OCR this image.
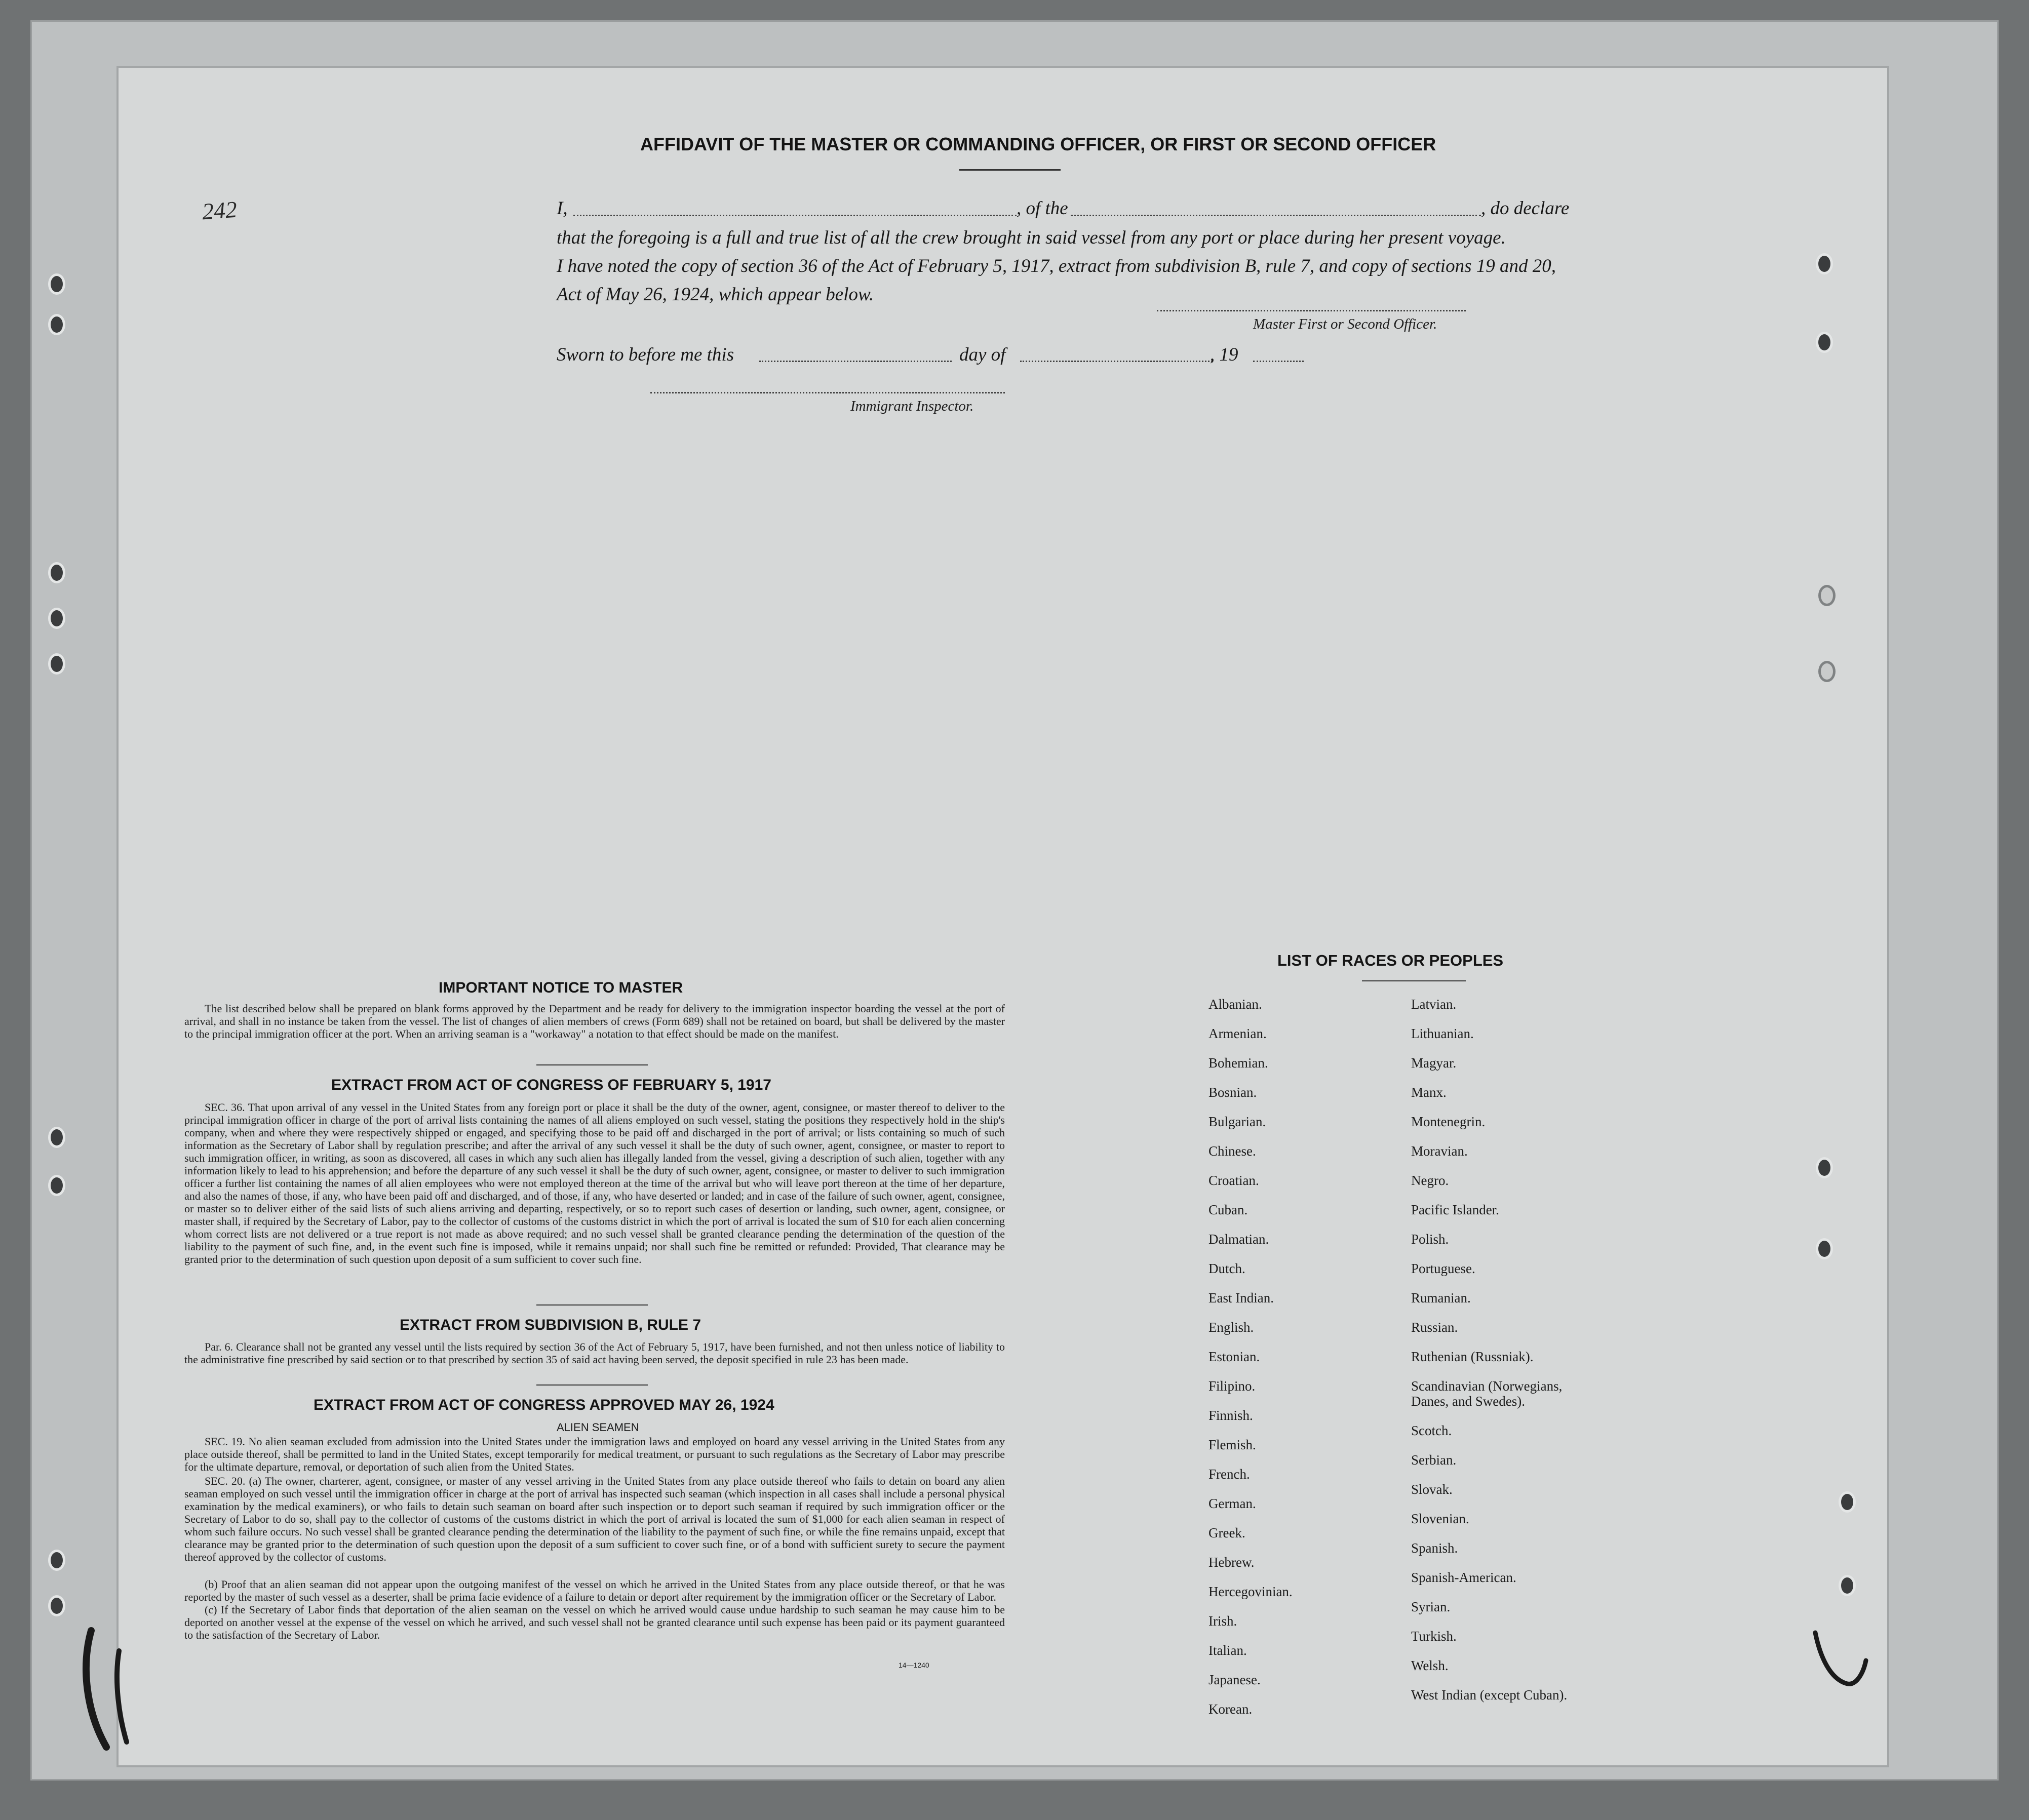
AFFIDAVIT OF THE MASTER OR COMMANDING OFFICER, OR FIRST OR SECOND OFFICER
242	I,	, of the	, do declare
that the foregoing is a full and true list of all the crew brought in said vessel from any port or place during her present voyage.
I have noted the copy of section 36 of the Act of February 5, 1917, extract from subdivision B, rule 7, and copy of sections 19 and 20,
Act of May 26, 1924, which appear below.
Master First or Second Officer.
Sworn to before me this	day of	, 19
Immigrant Inspector.
IMPORTANT NOTICE TO MASTER
The list described below shall be prepared on blank forms approved by the Department and be ready for delivery to the immigration inspector boarding the vessel at the port of arrival, and shall in no instance be taken from the vessel. The list of changes of alien members of crews (Form 689) shall not be retained on board, but shall be delivered by the master to the principal immigration officer at the port. When an arriving seaman is a "workaway" a notation to that effect should be made on the manifest.
EXTRACT FROM ACT OF CONGRESS OF FEBRUARY 5, 1917
SEC. 36. That upon arrival of any vessel in the United States from any foreign port or place it shall be the duty of the owner, agent, consignee, or master thereof to deliver to the principal immigration officer in charge of the port of arrival lists containing the names of all aliens employed on such vessel, stating the positions they respectively hold in the ship's company, when and where they were respectively shipped or engaged, and specifying those to be paid off and discharged in the port of arrival; or lists containing so much of such information as the Secretary of Labor shall by regulation prescribe; and after the arrival of any such vessel it shall be the duty of such owner, agent, consignee, or master to report to such immigration officer, in writing, as soon as discovered, all cases in which any such alien has illegally landed from the vessel, giving a description of such alien, together with any information likely to lead to his apprehension; and before the departure of any such vessel it shall be the duty of such owner, agent, consignee, or master to deliver to such immigration officer a further list containing the names of all alien employees who were not employed thereon at the time of the arrival but who will leave port thereon at the time of her departure, and also the names of those, if any, who have been paid off and discharged, and of those, if any, who have deserted or landed; and in case of the failure of such owner, agent, consignee, or master so to deliver either of the said lists of such aliens arriving and departing, respectively, or so to report such cases of desertion or landing, such owner, agent, consignee, or master shall, if required by the Secretary of Labor, pay to the collector of customs of the customs district in which the port of arrival is located the sum of $10 for each alien concerning whom correct lists are not delivered or a true report is not made as above required; and no such vessel shall be granted clearance pending the determination of the question of the liability to the payment of such fine, and, in the event such fine is imposed, while it remains unpaid; nor shall such fine be remitted or refunded: Provided, That clearance may be granted prior to the determination of such question upon deposit of a sum sufficient to cover such fine.
EXTRACT FROM SUBDIVISION B, RULE 7
Par. 6. Clearance shall not be granted any vessel until the lists required by section 36 of the Act of February 5, 1917, have been furnished, and not then unless notice of liability to the administrative fine prescribed by said section or to that prescribed by section 35 of said act having been served, the deposit specified in rule 23 has been made.
EXTRACT FROM ACT OF CONGRESS APPROVED MAY 26, 1924
ALIEN SEAMEN
SEC. 19. No alien seaman excluded from admission into the United States under the immigration laws and employed on board any vessel arriving in the United States from any place outside thereof, shall be permitted to land in the United States, except temporarily for medical treatment, or pursuant to such regulations as the Secretary of Labor may prescribe for the ultimate departure, removal, or deportation of such alien from the United States.
SEC. 20. (a) The owner, charterer, agent, consignee, or master of any vessel arriving in the United States from any place outside thereof who fails to detain on board any alien seaman employed on such vessel until the immigration officer in charge at the port of arrival has inspected such seaman (which inspection in all cases shall include a personal physical examination by the medical examiners), or who fails to detain such seaman on board after such inspection or to deport such seaman if required by such immigration officer or the Secretary of Labor to do so, shall pay to the collector of customs of the customs district in which the port of arrival is located the sum of $1,000 for each alien seaman in respect of whom such failure occurs. No such vessel shall be granted clearance pending the determination of the liability to the payment of such fine, or while the fine remains unpaid, except that clearance may be granted prior to the determination of such question upon the deposit of a sum sufficient to cover such fine, or of a bond with sufficient surety to secure the payment thereof approved by the collector of customs.
(b) Proof that an alien seaman did not appear upon the outgoing manifest of the vessel on which he arrived in the United States from any place outside thereof, or that he was reported by the master of such vessel as a deserter, shall be prima facie evidence of a failure to detain or deport after requirement by the immigration officer or the Secretary of Labor.
(c) If the Secretary of Labor finds that deportation of the alien seaman on the vessel on which he arrived would cause undue hardship to such seaman he may cause him to be deported on another vessel at the expense of the vessel on which he arrived, and such vessel shall not be granted clearance until such expense has been paid or its payment guaranteed to the satisfaction of the Secretary of Labor.
14—1240
LIST OF RACES OR PEOPLES
Albanian.
Armenian.
Bohemian.
Bosnian.
Bulgarian.
Chinese.
Croatian.
Cuban.
Dalmatian.
Dutch.
East Indian.
English.
Estonian.
Filipino.
Finnish.
Flemish.
French.
German.
Greek.
Hebrew.
Hercegovinian.
Irish.
Italian.
Japanese.
Korean.
Latvian.
Lithuanian.
Magyar.
Manx.
Montenegrin.
Moravian.
Negro.
Pacific Islander.
Polish.
Portuguese.
Rumanian.
Russian.
Ruthenian (Russniak).
Scandinavian (Norwegians, Danes, and Swedes).
Scotch.
Serbian.
Slovak.
Slovenian.
Spanish.
Spanish-American.
Syrian.
Turkish.
Welsh.
West Indian (except Cuban).
